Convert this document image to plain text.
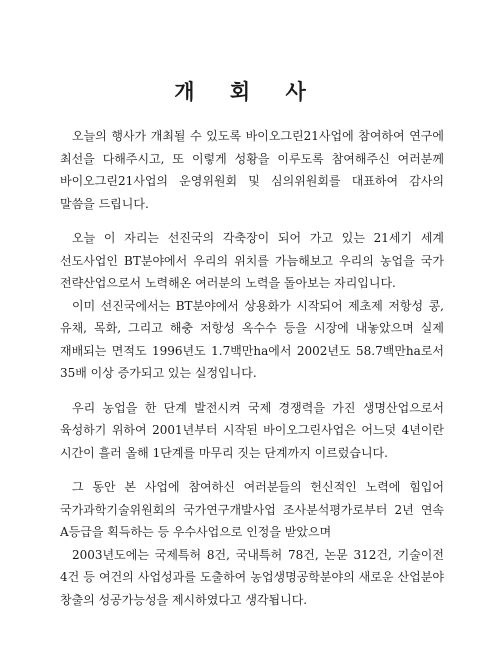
개 회 사

오늘의 행사가 개최될 수 있도록 바이오그린21사업에 참여하여 연구에 최선을 다해주시고, 또 이렇게 성황을 이루도록 참여해주신 여러분께 바이오그린21사업의 운영위원회 및 심의위원회를 대표하여 감사의 말씀을 드립니다.

오늘 이 자리는 선진국의 각축장이 되어 가고 있는 21세기 세계 선도사업인 BT분야에서 우리의 위치를 가늠해보고 우리의 농업을 국가 전략산업으로서 노력해온 여러분의 노력을 돌아보는 자리입니다.

이미 선진국에서는 BT분야에서 상용화가 시작되어 제초제 저항성 콩, 유채, 목화, 그리고 해충 저항성 옥수수 등을 시장에 내놓았으며 실제 재배되는 면적도 1996년도 1.7백만ha에서 2002년도 58.7백만ha로서 35배 이상 증가되고 있는 실정입니다.

우리 농업을 한 단계 발전시켜 국제 경쟁력을 가진 생명산업으로서 육성하기 위하여 2001년부터 시작된 바이오그린사업은 어느덧 4년이란 시간이 흘러 올해 1단계를 마무리 짓는 단계까지 이르렀습니다.

그 동안 본 사업에 참여하신 여러분들의 헌신적인 노력에 힘입어 국가과학기술위원회의 국가연구개발사업 조사분석평가로부터 2년 연속 A등급을 획득하는 등 우수사업으로 인정을 받았으며

2003년도에는 국제특허 8건, 국내특허 78건, 논문 312건, 기술이전 4건 등 여건의 사업성과를 도출하여 농업생명공학분야의 새로운 산업분야 창출의 성공가능성을 제시하였다고 생각됩니다.
